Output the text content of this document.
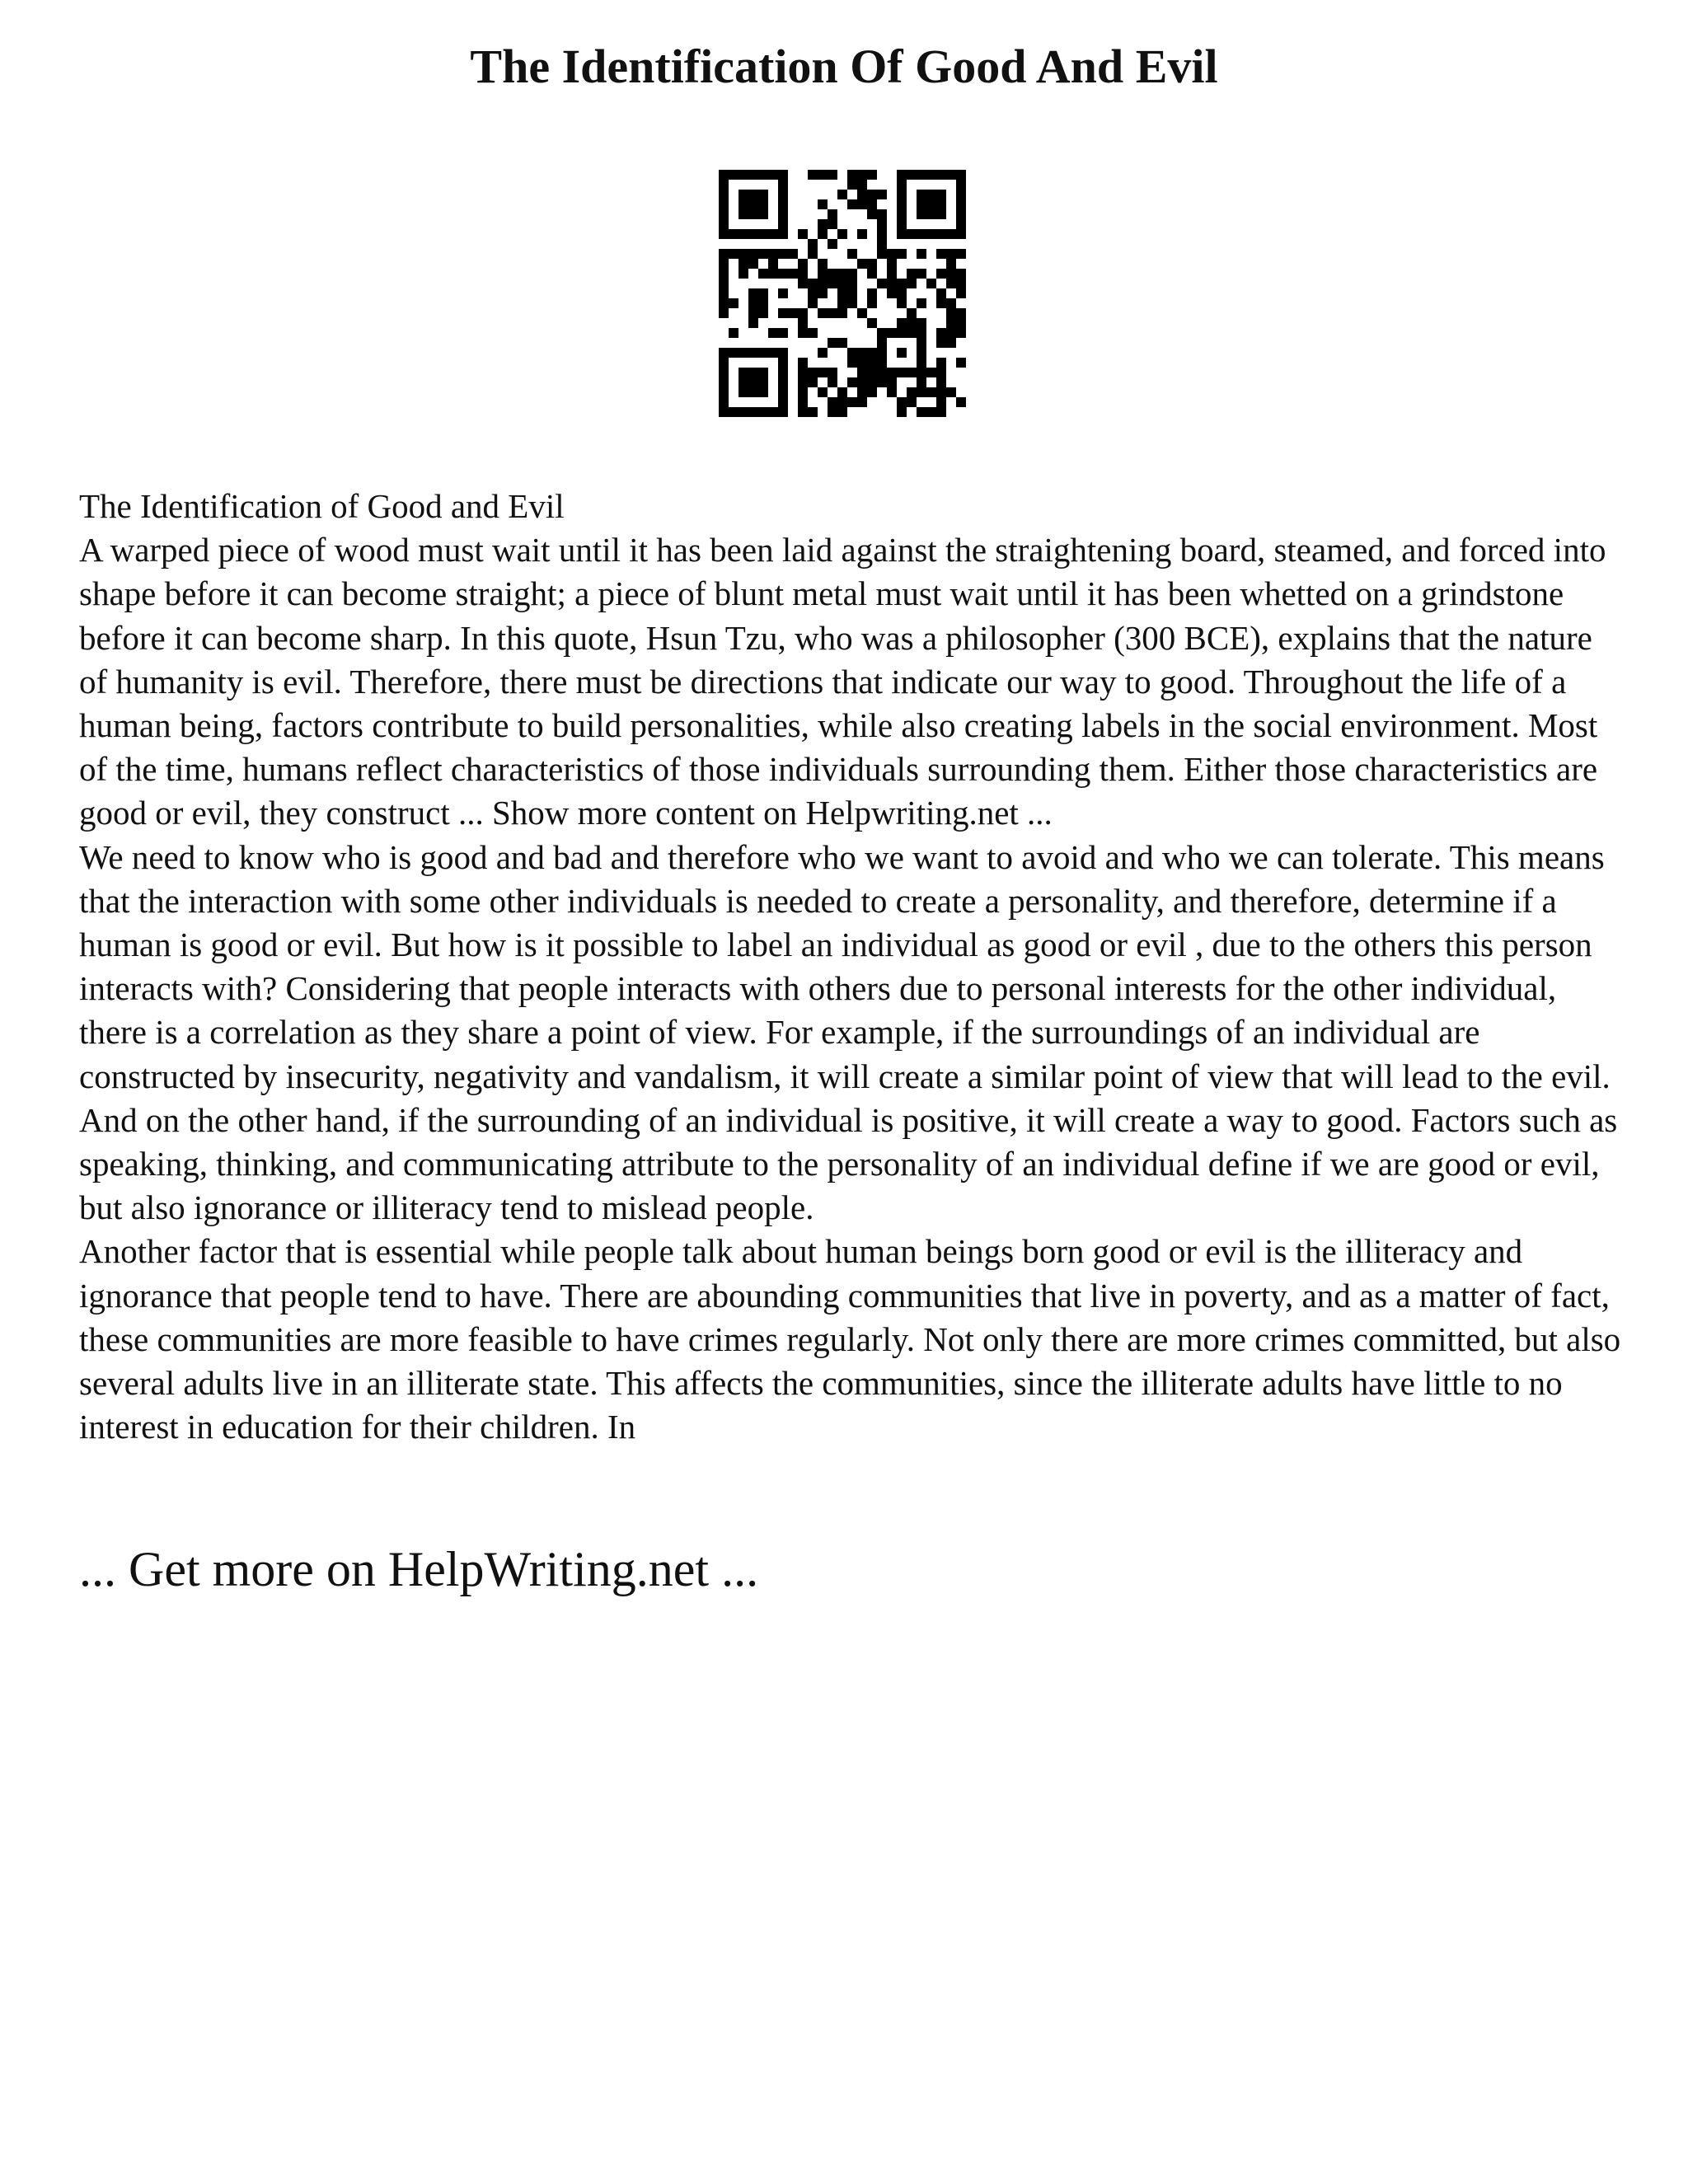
The Identification Of Good And Evil

The Identification of Good and Evil

A warped piece of wood must wait until it has been laid against the straightening board, steamed, and forced into shape before it can become straight; a piece of blunt metal must wait until it has been whetted on a grindstone before it can become sharp. In this quote, Hsun Tzu, who was a philosopher (300 BCE), explains that the nature of humanity is evil. Therefore, there must be directions that indicate our way to good. Throughout the life of a human being, factors contribute to build personalities, while also creating labels in the social environment. Most of the time, humans reflect characteristics of those individuals surrounding them. Either those characteristics are good or evil, they construct ... Show more content on Helpwriting.net ...

We need to know who is good and bad and therefore who we want to avoid and who we can tolerate. This means that the interaction with some other individuals is needed to create a personality, and therefore, determine if a human is good or evil. But how is it possible to label an individual as good or evil , due to the others this person interacts with? Considering that people interacts with others due to personal interests for the other individual, there is a correlation as they share a point of view. For example, if the surroundings of an individual are constructed by insecurity, negativity and vandalism, it will create a similar point of view that will lead to the evil. And on the other hand, if the surrounding of an individual is positive, it will create a way to good. Factors such as speaking, thinking, and communicating attribute to the personality of an individual define if we are good or evil, but also ignorance or illiteracy tend to mislead people.

Another factor that is essential while people talk about human beings born good or evil is the illiteracy and ignorance that people tend to have. There are abounding communities that live in poverty, and as a matter of fact, these communities are more feasible to have crimes regularly. Not only there are more crimes committed, but also several adults live in an illiterate state. This affects the communities, since the illiterate adults have little to no interest in education for their children. In

... Get more on HelpWriting.net ...
